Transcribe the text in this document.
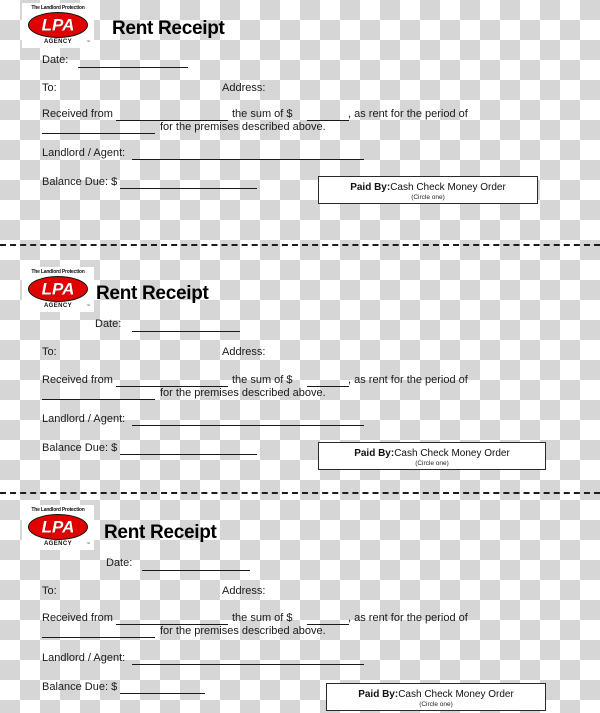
The Landlord Protection
LPA
AGENCY	™
Rent Receipt
Date:
To:	Address:
Received from	the sum of $	, as rent for the period of
for the premises described above.
Landlord / Agent:
Balance Due: $	Paid By:Cash Check Money Order
(Circle one)
The Landlord Protection
LPA
AGENCY	™
Rent Receipt
Date:
To:	Address:
Received from	the sum of $	, as rent for the period of
for the premises described above.
Landlord / Agent:
Balance Due: $	Paid By:Cash Check Money Order
(Circle one)
The Landlord Protection
LPA
AGENCY	™
Rent Receipt
Date:
To:	Address:
Received from	the sum of $	, as rent for the period of
for the premises described above.
Landlord / Agent:
Balance Due: $
Paid By:Cash Check Money Order
(Circle one)
